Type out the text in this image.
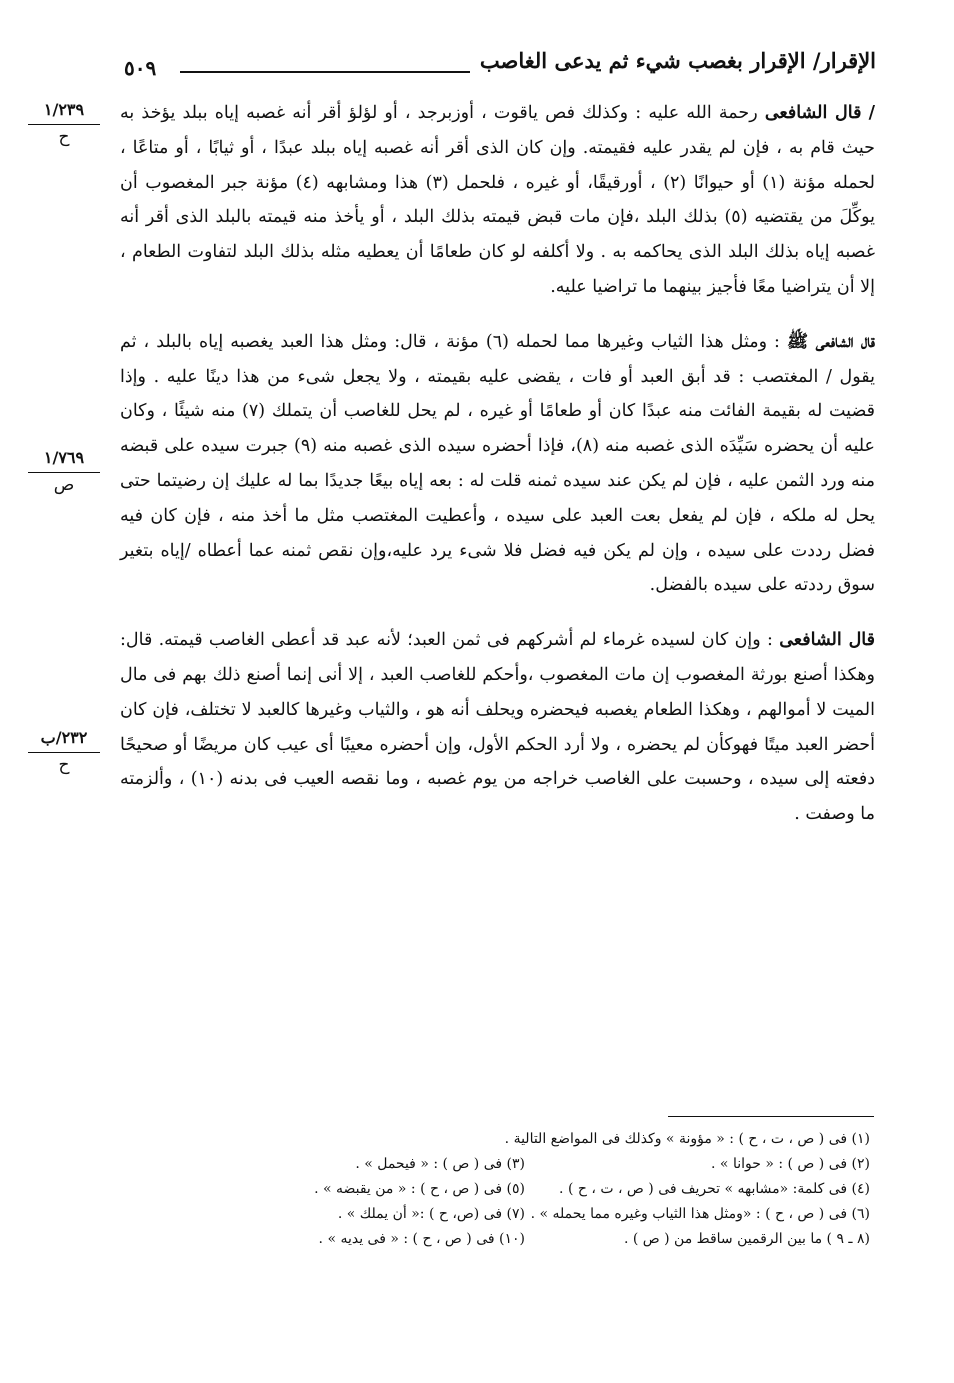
الإقرار/ الإقرار بغصب شيء ثم يدعى الغاصب
٥٠٩
١/٢٣٩
ح
١/٧٦٩
ص
٢٣٢/ب
ح

/ قال الشافعى رحمة الله عليه : وكذلك فص ياقوت ، أوزبرجد ، أو لؤلؤ أقر أنه غصبه إياه ببلد يؤخذ به حيث قام به ، فإن لم يقدر عليه فقيمته. وإن كان الذى أقر أنه غصبه إياه ببلد عبدًا ، أو ثيابًا ، أو متاعًا ، لحمله مؤنة (١) أو حيوانًا (٢) ، أورقيقًا، أو غيره ، فلحمل (٣) هذا ومشابهه (٤) مؤنة جبر المغصوب أن يوكِّلَ من يقتضيه (٥) بذلك البلد ،فإن مات قبض قيمته بذلك البلد ، أو يأخذ منه قيمته بالبلد الذى أقر أنه غصبه إياه بذلك البلد الذى يحاكمه به . ولا أكلفه لو كان طعامًا أن يعطيه مثله بذلك البلد لتفاوت الطعام ، إلا أن يتراضيا معًا فأجيز بينهما ما تراضيا عليه.

قال الشافعى ﷺ : ومثل هذا الثياب وغيرها مما لحمله (٦) مؤنة ، قال: ومثل هذا العبد يغصبه إياه بالبلد ، ثم يقول / المغتصب : قد أبق العبد أو فات ، يقضى عليه بقيمته ، ولا يجعل شىء من هذا دينًا عليه . وإذا قضيت له بقيمة الفائت منه عبدًا كان أو طعامًا أو غيره ، لم يحل للغاصب أن يتملك (٧) منه شيئًا ، وكان عليه أن يحضره سَيِّدَه الذى غصبه منه (٨)، فإذا أحضره سيده الذى غصبه منه (٩) جبرت سيده على قبضه منه ورد الثمن عليه ، فإن لم يكن عند سيده ثمنه قلت له : بعه إياه بيعًا جديدًا بما له عليك إن رضيتما حتى يحل له ملكه ، فإن لم يفعل بعت العبد على سيده ، وأعطيت المغتصب مثل ما أخذ منه ، فإن كان فيه فضل رددت على سيده ، وإن لم يكن فيه فضل فلا شىء يرد عليه،وإن نقص ثمنه عما أعطاه /إياه بتغير سوق رددته على سيده بالفضل.

قال الشافعى : وإن كان لسيده غرماء لم أشركهم فى ثمن العبد؛ لأنه عبد قد أعطى الغاصب قيمته. قال: وهكذا أصنع بورثة المغصوب إن مات المغصوب ،وأحكم للغاصب العبد ، إلا أنى إنما أصنع ذلك بهم فى مال الميت لا أموالهم ، وهكذا الطعام يغصبه فيحضره ويحلف أنه هو ، والثياب وغيرها كالعبد لا تختلف، فإن كان أحضر العبد ميتًا فهوكأن لم يحضره ، ولا أرد الحكم الأول، وإن أحضره معيبًا أى عيب كان مريضًا أو صحيحًا دفعته إلى سيده ، وحسبت على الغاصب خراجه من يوم غصبه ، وما نقصه العيب فى بدنه (١٠) ، وألزمته ما وصفت .

(١) فى ( ص ، ت ، ح ) : « مؤونة » وكذلك فى المواضع التالية .
(٢) فى ( ص ) : « حوانا » .
(٣) فى ( ص ) : « فيحمل » .
(٤) فى كلمة: «مشابهه » تحريف فى ( ص ، ت ، ح ) .
(٥) فى ( ص ، ح ) : « من يقبضه » .
(٦) فى ( ص ، ح ) : «ومثل هذا الثياب وغيره مما يحمله » .
(٧) فى (ص، ح ) :« أن يملك » .
(٨ ـ ٩ ) ما بين الرقمين ساقط من ( ص ) .
(١٠) فى ( ص ، ح ) : « فى يديه » .
